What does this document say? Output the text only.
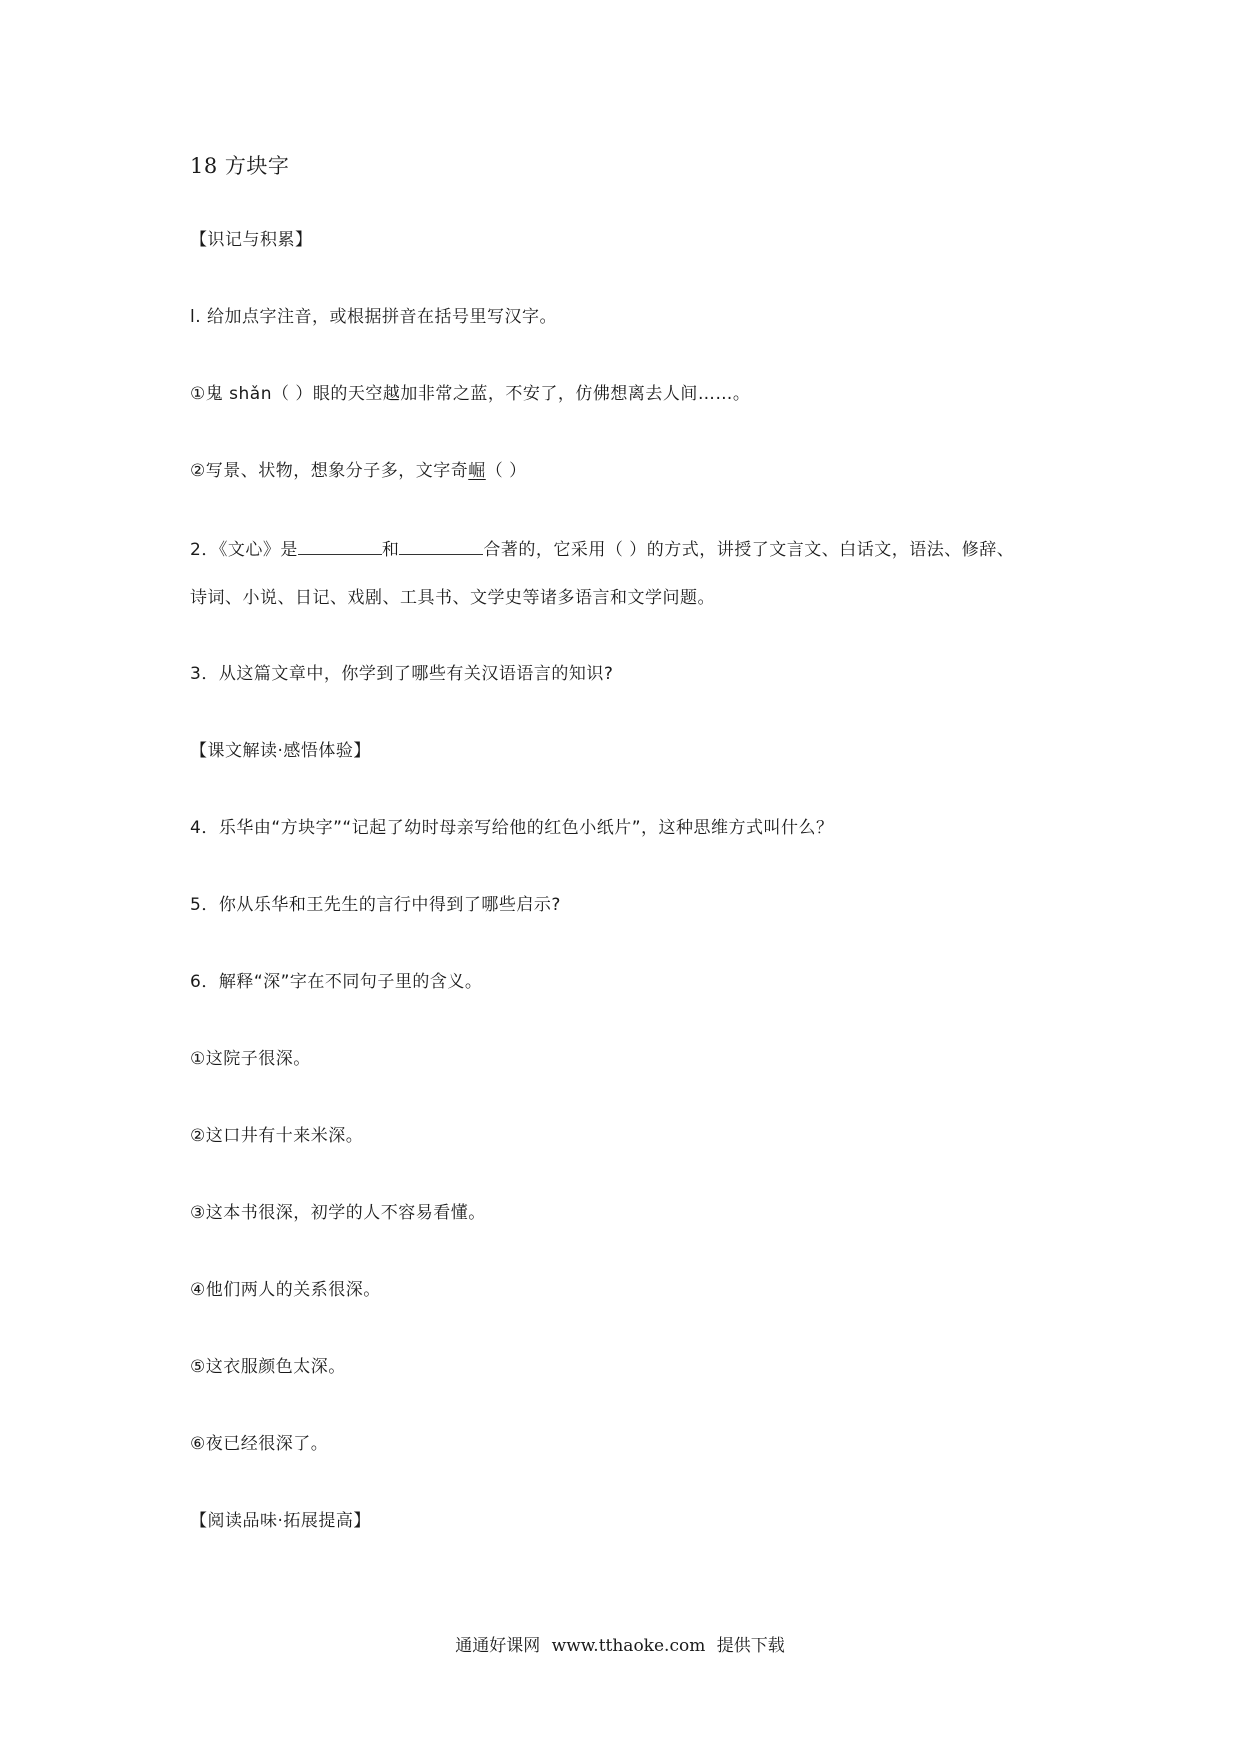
18 方块字
【识记与积累】
l. 给加点字注音，或根据拼音在括号里写汉字。
①鬼 shǎn（ ）眼的天空越加非常之蓝，不安了，仿佛想离去人间……。
②写景、状物，想象分子多，文字奇崛（ ）
2．《文心》是	和	合著的，它采用（ ）的方式，讲授了文言文、白话文，语法、修辞、
诗词、小说、日记、戏剧、工具书、文学史等诸多语言和文学问题。
3．从这篇文章中，你学到了哪些有关汉语语言的知识?
【课文解读·感悟体验】
4．乐华由“方块字”“记起了幼时母亲写给他的红色小纸片”，这种思维方式叫什么？
5．你从乐华和王先生的言行中得到了哪些启示?
6．解释“深”字在不同句子里的含义。
①这院子很深。
②这口井有十来米深。
③这本书很深，初学的人不容易看懂。
④他们两人的关系很深。
⑤这衣服颜色太深。
⑥夜已经很深了。
【阅读品味·拓展提高】
通通好课网 www.tthaoke.com 提供下载
